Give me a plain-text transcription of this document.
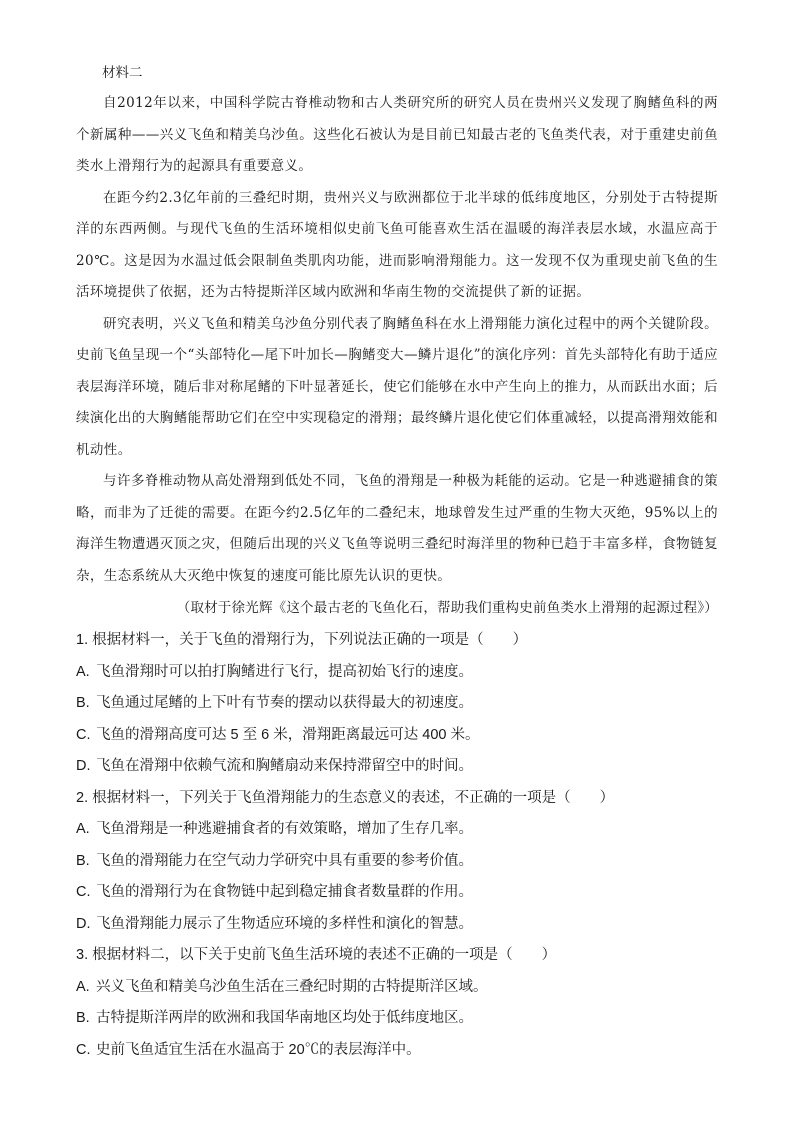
材料二

自2012年以来，中国科学院古脊椎动物和古人类研究所的研究人员在贵州兴义发现了胸鳍鱼科的两个新属种——兴义飞鱼和精美乌沙鱼。这些化石被认为是目前已知最古老的飞鱼类代表，对于重建史前鱼类水上滑翔行为的起源具有重要意义。

在距今约2.3亿年前的三叠纪时期，贵州兴义与欧洲都位于北半球的低纬度地区，分别处于古特提斯洋的东西两侧。与现代飞鱼的生活环境相似史前飞鱼可能喜欢生活在温暖的海洋表层水域，水温应高于20℃。这是因为水温过低会限制鱼类肌肉功能，进而影响滑翔能力。这一发现不仅为重现史前飞鱼的生活环境提供了依据，还为古特提斯洋区域内欧洲和华南生物的交流提供了新的证据。

研究表明，兴义飞鱼和精美乌沙鱼分别代表了胸鳍鱼科在水上滑翔能力演化过程中的两个关键阶段。史前飞鱼呈现一个“头部特化—尾下叶加长—胸鳍变大—鳞片退化”的演化序列：首先头部特化有助于适应表层海洋环境，随后非对称尾鳍的下叶显著延长，使它们能够在水中产生向上的推力，从而跃出水面；后续演化出的大胸鳍能帮助它们在空中实现稳定的滑翔；最终鳞片退化使它们体重减轻，以提高滑翔效能和机动性。

与许多脊椎动物从高处滑翔到低处不同，飞鱼的滑翔是一种极为耗能的运动。它是一种逃避捕食的策略，而非为了迁徙的需要。在距今约2.5亿年的二叠纪末，地球曾发生过严重的生物大灭绝，95%以上的海洋生物遭遇灭顶之灾，但随后出现的兴义飞鱼等说明三叠纪时海洋里的物种已趋于丰富多样，食物链复杂，生态系统从大灭绝中恢复的速度可能比原先认识的更快。

（取材于徐光辉《这个最古老的飞鱼化石，帮助我们重构史前鱼类水上滑翔的起源过程》）

1. 根据材料一，关于飞鱼的滑翔行为，下列说法正确的一项是（　　）

A. 飞鱼滑翔时可以拍打胸鳍进行飞行，提高初始飞行的速度。

B. 飞鱼通过尾鳍的上下叶有节奏的摆动以获得最大的初速度。

C. 飞鱼的滑翔高度可达 5 至 6 米，滑翔距离最远可达 400 米。

D. 飞鱼在滑翔中依赖气流和胸鳍扇动来保持滞留空中的时间。

2. 根据材料一，下列关于飞鱼滑翔能力的生态意义的表述，不正确的一项是（　　）

A. 飞鱼滑翔是一种逃避捕食者的有效策略，增加了生存几率。

B. 飞鱼的滑翔能力在空气动力学研究中具有重要的参考价值。

C. 飞鱼的滑翔行为在食物链中起到稳定捕食者数量群的作用。

D. 飞鱼滑翔能力展示了生物适应环境的多样性和演化的智慧。

3. 根据材料二，以下关于史前飞鱼生活环境的表述不正确的一项是（　　）

A. 兴义飞鱼和精美乌沙鱼生活在三叠纪时期的古特提斯洋区域。

B. 古特提斯洋两岸的欧洲和我国华南地区均处于低纬度地区。

C. 史前飞鱼适宜生活在水温高于 20℃的表层海洋中。
